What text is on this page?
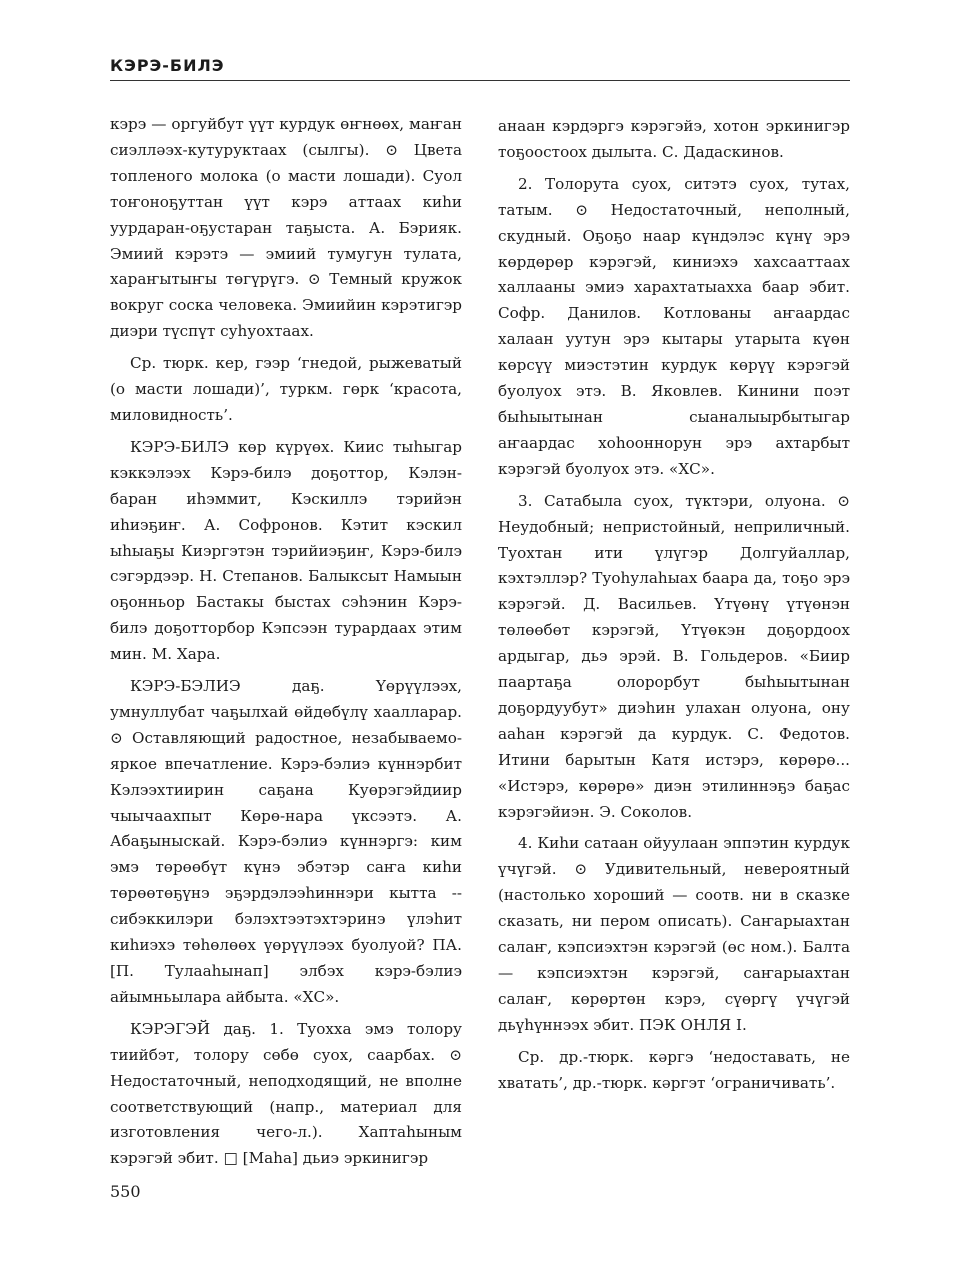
КЭРЭ-БИЛЭ

кэрэ — оргуйбут үүт курдук өҥнөөх, маҥан сиэлләэх-кутуруктаах (сылгы). ⊙ Цвета топленого молока (о масти лошади). Суол тоҥоноҕуттан үүт кэрэ аттаах киһи уурдаран-оҕустаран таҕыста. А. Бэрияк. Эмиий кэрэтэ — эмиий тумугун тулата, хараҥытыҥы төгүрүгэ. ⊙ Темный кружок вокруг соска человека. Эмиийин кэрэтигэр диэри түспүт суһуохтаах.

Ср. тюрк. кер, гээр ‘гнедой, рыжеватый (о масти лошади)’, туркм. гөрк ‘красота, миловидность’.

КЭРЭ-БИЛЭ көр күрүөх. Киис тыһыгар кэккэлээх Кэрэ-билэ доҕоттор, Кэлэн-баран иһэммит, Кэскиллэ тэрийэн иһиэҕиҥ. А. Софронов. Кэтит кэскил ыһыаҕы Киэргэтэн тэрийиэҕиҥ, Кэрэ-билэ сэгэрдээр. Н. Степанов. Балыксыт Намыын оҕонньор Бастакы быстах сэһэнин Кэрэ-билэ доҕотторбор Кэпсээн турардаах этим мин. М. Хара.

КЭРЭ-БЭЛИЭ даҕ. Үөрүүлээх, умнуллубат чаҕылхай өйдөбүлү хаалларар. ⊙ Оставляющий радостное, незабываемо-яркое впечатление. Кэрэ-бэлиэ күннэрбит Кэлээхтиирин саҕана Куөрэгэйдиир чыычаахпыт Көрө-нара үксээтэ. А. Абаҕыныскай. Кэрэ-бэлиэ күннэргэ: ким эмэ төрөөбүт күнэ эбэтэр саҥа киһи төрөөтөҕүнэ эҕэрдэлээһиннэри кытта -- сибэккилэри бэлэхтээтэхтэринэ үлэһит киһиэхэ төһөлөөх үөрүүлээх буолуой? ПА. [П. Тулааһынап] элбэх кэрэ-бэлиэ айымньылара айбыта. «ХС».

КЭРЭГЭЙ даҕ. 1. Туохха эмэ толору тиийбэт, толору сөбө суох, саарбах. ⊙ Недостаточный, неподходящий, не вполне соответствующий (напр., материал для изготовления чего-л.). Хаптаһыным кэрэгэй эбит. □ [Маһа] дьиэ эркинигэр

анаан кэрдэргэ кэрэгэйэ, хотон эркинигэр тоҕоостоох дылыта. С. Дадаскинов.

2. Толорута суох, ситэтэ суох, тутах, татым. ⊙ Недостаточный, неполный, скудный. Оҕоҕо наар күндэлэс күнү эрэ көрдөрөр кэрэгэй, киниэхэ хахсааттаах халлааны эмиэ харахтатыахха баар эбит. Софр. Данилов. Котлованы аҥаардас халаан уутун эрэ кытары утарыта күөн көрсүү миэстэтин курдук көрүү кэрэгэй буолуох этэ. В. Яковлев. Кинини поэт быһыытынан сыаналыырбытыгар аҥаардас хоһооннорун эрэ ахтарбыт кэрэгэй буолуох этэ. «ХС».

3. Сатабыла суох, түктэри, олуона. ⊙ Неудобный; непристойный, неприличный. Туохтан ити үлүгэр Долгуйаллар, кэхтэллэр? Туоһулаһыах баара да, тоҕо эрэ кэрэгэй. Д. Васильев. Үтүөнү үтүөнэн төлөөбөт кэрэгэй, Үтүөкэн доҕордоох ардыгар, дьэ эрэй. В. Гольдеров. «Биир паартаҕа олорорбут быһыытынан доҕордуубут» диэһин улахан олуона, ону ааһан кэрэгэй да курдук. С. Федотов. Итини барытын Катя истэрэ, көрөрө... «Истэрэ, көрөрө» диэн этилиннэҕэ баҕас кэрэгэйиэн. Э. Соколов.

4. Киһи сатаан ойуулаан эппэтин курдук үчүгэй. ⊙ Удивительный, невероятный (настолько хороший — соотв. ни в сказке сказать, ни пером описать). Саҥарыахтан салаҥ, кэпсиэхтэн кэрэгэй (өс ном.). Балта — кэпсиэхтэн кэрэгэй, саҥарыахтан салаҥ, көрөртөн кэрэ, сүөргү үчүгэй дьүһүннээх эбит. ПЭК ОНЛЯ I.

Ср. др.-тюрк. кәргэ ‘недоставать, не хватать’, др.-тюрк. кәргэт ‘ограничивать’.

550
